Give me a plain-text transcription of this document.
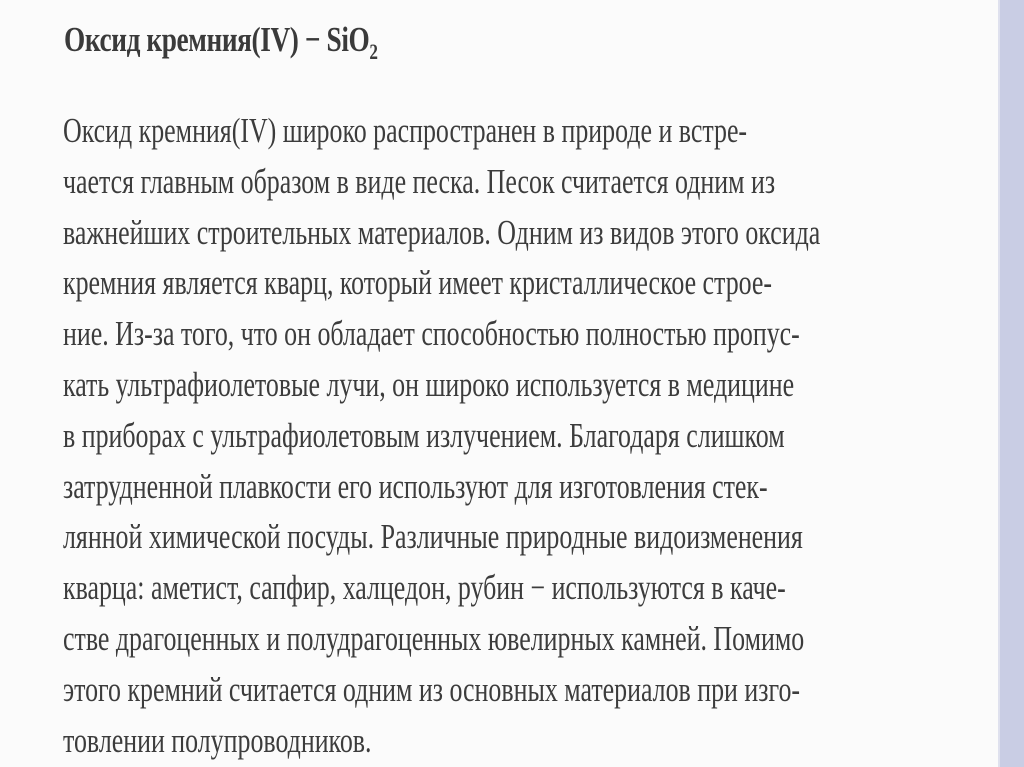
Оксид кремния(IV) − SiO$_2$
Оксид кремния(IV) широко распространен в природе и встре-
чается главным образом в виде песка. Песок считается одним из
важнейших строительных материалов. Одним из видов этого оксида
кремния является кварц, который имеет кристаллическое строе-
ние. Из-за того, что он обладает способностью полностью пропус-
кать ультрафиолетовые лучи, он широко используется в медицине
в приборах с ультрафиолетовым излучением. Благодаря слишком
затрудненной плавкости его используют для изготовления стек-
лянной химической посуды. Различные природные видоизменения
кварца: аметист, сапфир, халцедон, рубин − используются в каче-
стве драгоценных и полудрагоценных ювелирных камней. Помимо
этого кремний считается одним из основных материалов при изго-
товлении полупроводников.
